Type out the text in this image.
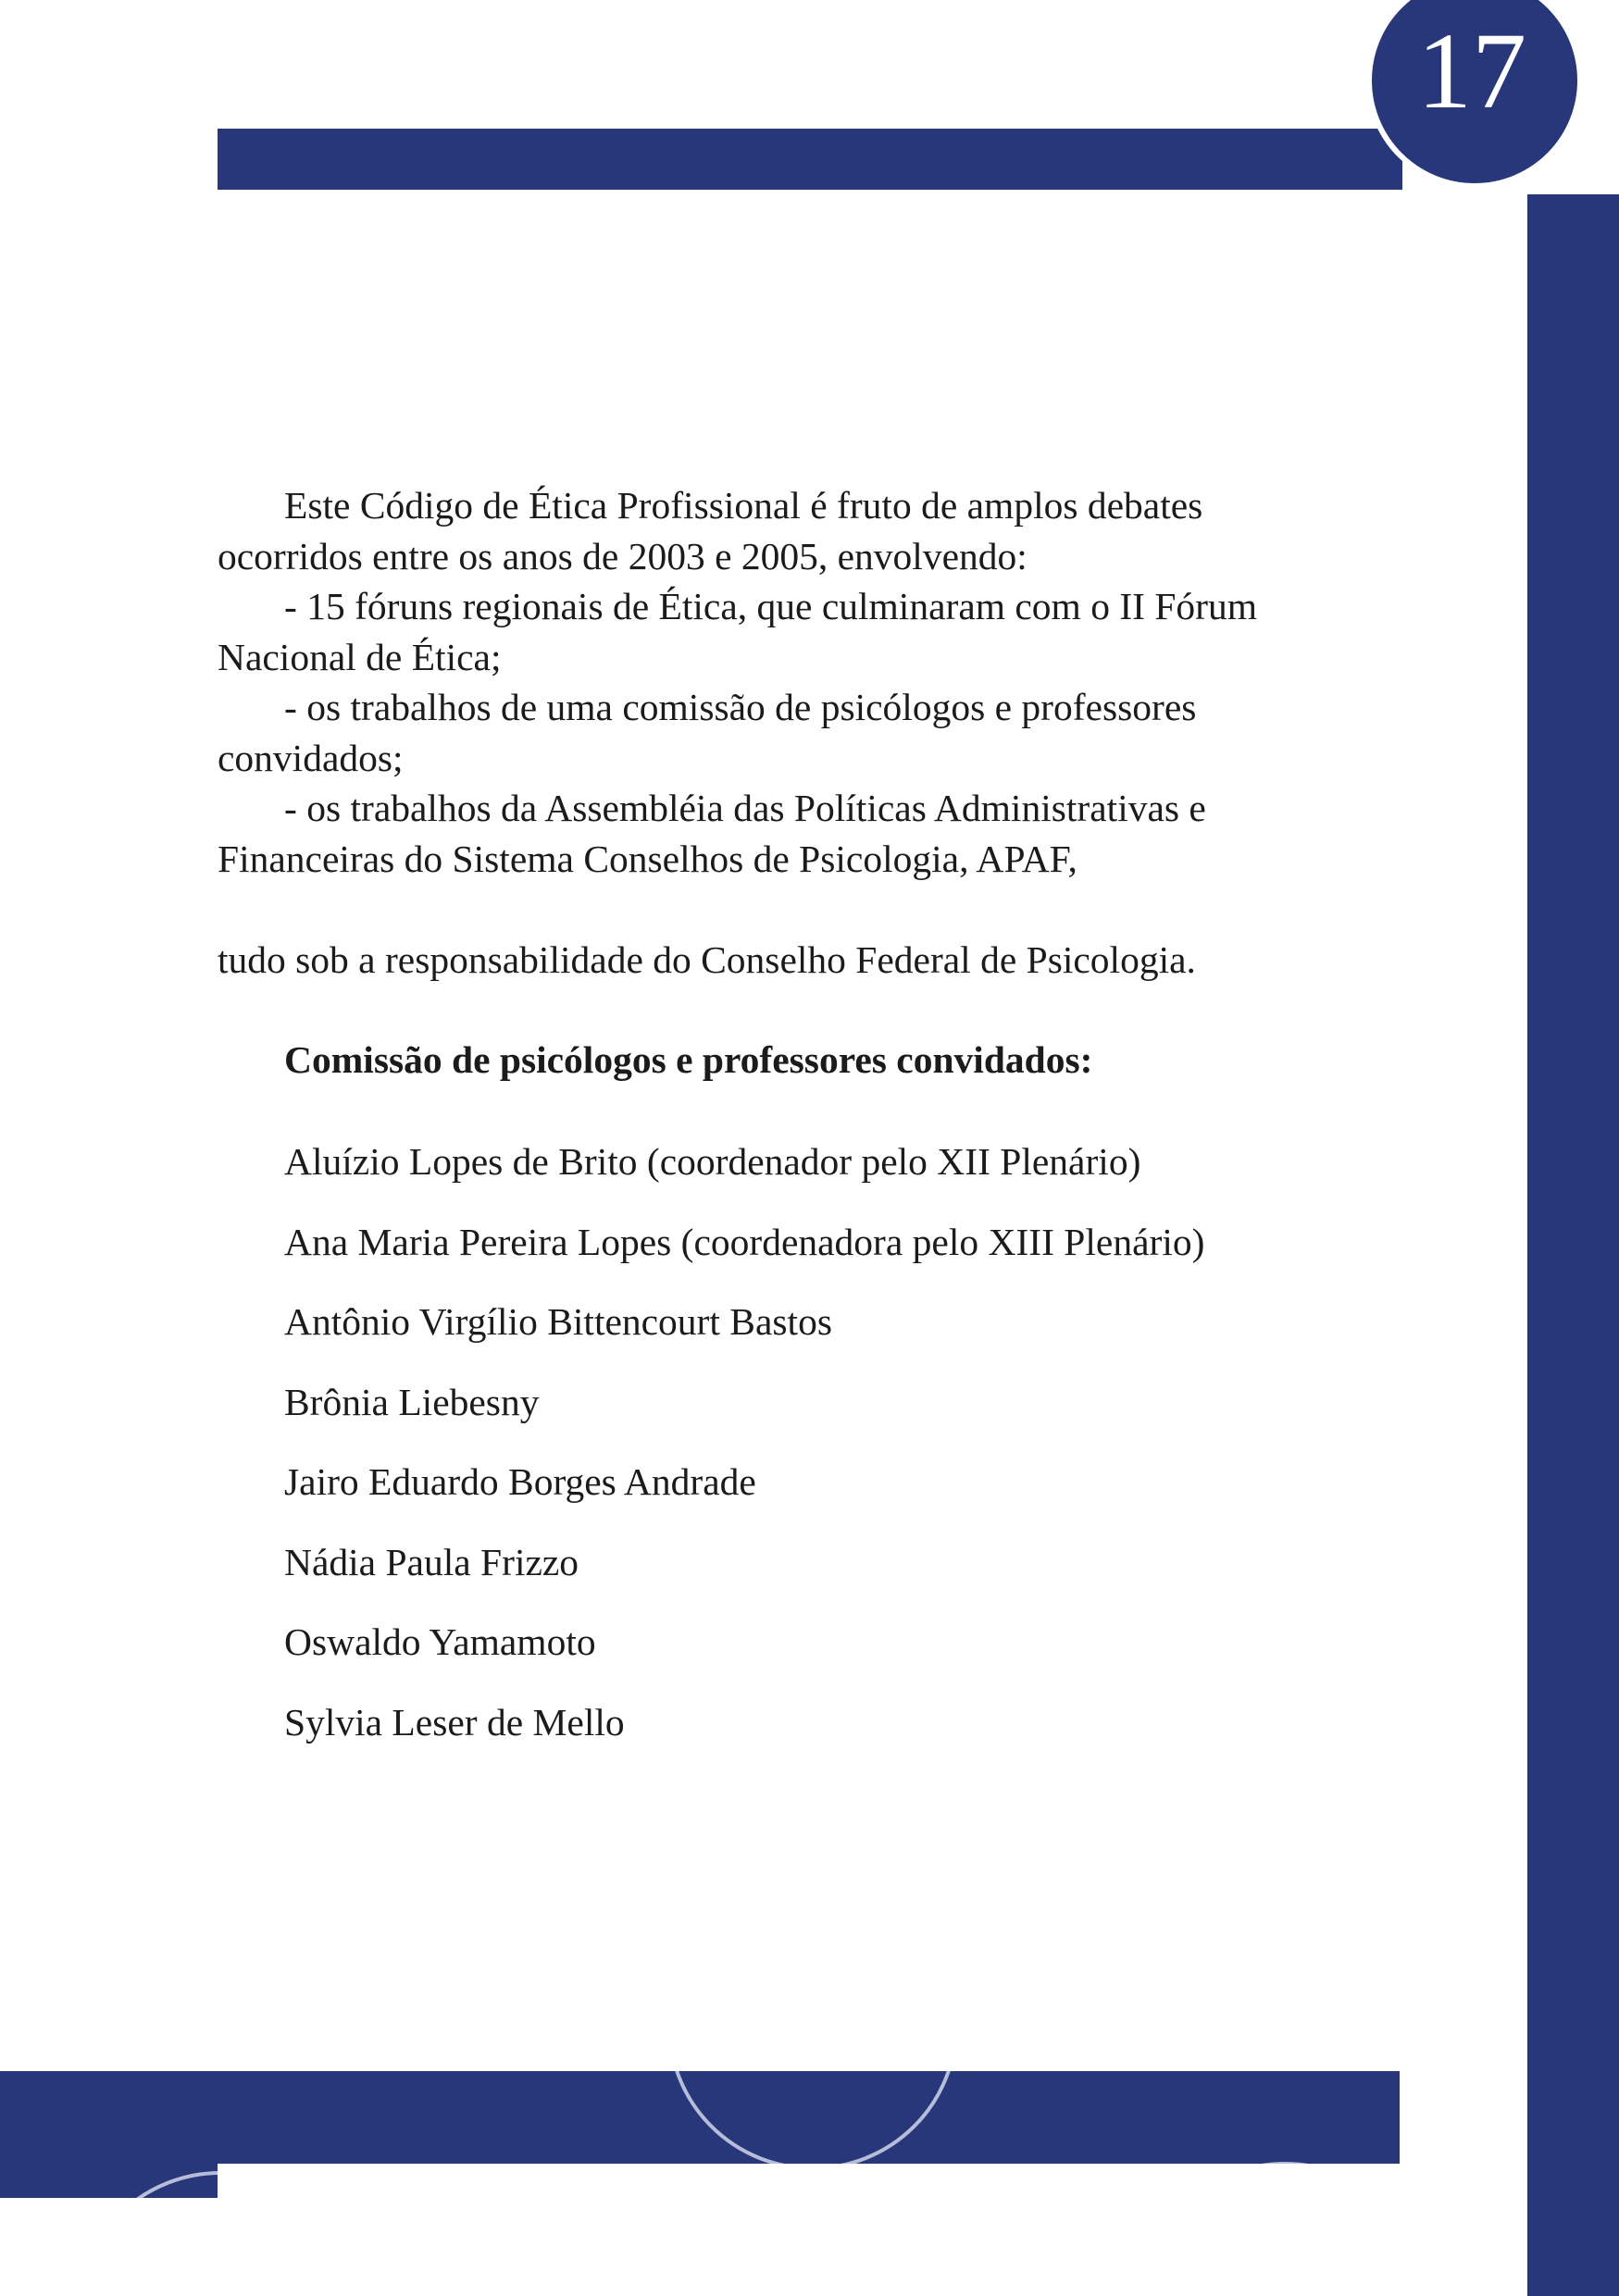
17

Este Código de Ética Profissional é fruto de amplos debates

ocorridos entre os anos de 2003 e 2005, envolvendo:

- 15 fóruns regionais de Ética, que culminaram com o II Fórum

Nacional de Ética;

- os trabalhos de uma comissão de psicólogos e professores

convidados;

- os trabalhos da Assembléia das Políticas Administrativas e

Financeiras do Sistema Conselhos de Psicologia, APAF,

tudo sob a responsabilidade do Conselho Federal de Psicologia.

Comissão de psicólogos e professores convidados:
Aluízio Lopes de Brito (coordenador pelo XII Plenário)
Ana Maria Pereira Lopes (coordenadora pelo XIII Plenário)
Antônio Virgílio Bittencourt Bastos
Brônia Liebesny
Jairo Eduardo Borges Andrade
Nádia Paula Frizzo
Oswaldo Yamamoto
Sylvia Leser de Mello
